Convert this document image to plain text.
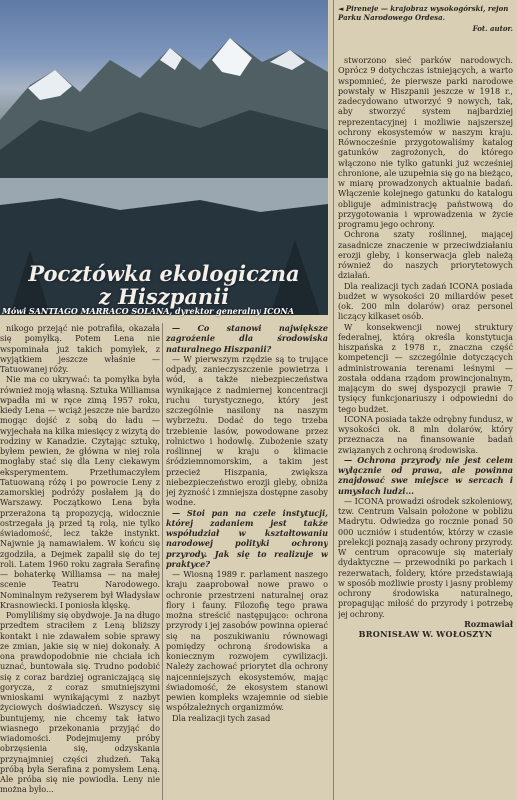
◄ Pireneje — krajobraz wysokogórski, rejon Parku Narodowego Ordesa.
Fot. autor.
Pocztówka ekologiczna
z Hiszpanii
Mówi SANTIAGO MARRACO SOLANA, dyrektor generalny ICONA

nikogo przejąć nie potrafiła, okazała się pomyłką. Potem Lena nie wspominała już takich pomyłek, z wyjątkiem jeszcze właśnie — Tatuowanej róży.

Nie ma co ukrywać: ta pomyłka była również moją własną. Sztuka Williamsa wpadła mi w ręce zimą 1957 roku, kiedy Lena — wciąż jeszcze nie bardzo mogąc dojść z sobą do ładu — wyjechała na kilka miesięcy z wizytą do rodziny w Kanadzie. Czytając sztukę, byłem pewien, że główna w niej rola mogłaby stać się dla Leny ciekawym eksperymentem. Przetłumaczyłem Tatuowaną różę i po powrocie Leny z zamorskiej podróży posłałem ją do Warszawy. Początkowo Lena była przerażona tą propozycją, widocznie ostrzegała ją przed tą rolą, nie tylko świadomość, lecz także instynkt. Najwnie ją namawiałem. W końcu się zgodziła, a Dejmek zapalił się do tej roli. Latem 1960 roku zagrała Serafinę — bohaterkę Williamsa — na małej scenie Teatru Narodowego. Nominalnym reżyserem był Władysław Krasnowiecki. I poniosła klęskę.

Pomyliliśmy się obydwoje. Ja na długo przedtem straciłem z Leną bliższy kontakt i nie zdawałem sobie sprawy ze zmian, jakie się w niej dokonały. A ona prawdopodobnie nie chciała ich uznać, buntowała się. Trudno podobić się z coraz bardziej ograniczającą się gorycza, z coraz smutniejszymi wnioskami wynikającymi z nazbyt życiowych doświadczeń. Wszyscy się buntujemy, nie chcemy tak łatwo wiasnego przekonania przyjąć do wiadomości. Podejmujemy próby obrzęsienia się, odzyskania przynajmniej części złudzeń. Taką próbą była Serafina z pomysłem Leną. Ale próba się nie powiodła. Leny nie można było...

— Co stanowi największe zagrożenie dla środowiska naturalnego Hiszpanii?

— W pierwszym rzędzie są to trujące odpady, zanieczyszczenie powietrza i wód, a także niebezpieczeństwa wynikające z nadmiernej koncentracji ruchu turystycznego, który jest szczególnie nasilony na naszym wybrzeżu. Dodać do tego trzeba trzebienie lasów, powodowane przez rolnictwo i hodowlę. Zubożenie szaty roślinnej w kraju o klimacie śródziemnomorskim, a takim jest przecież Hiszpania, zwiększa niebezpieczeństwo erozji gleby, obniża jej żyzność i zmniejsza dostępne zasoby wodne.

— Stoi pan na czele instytucji, której zadaniem jest także współudział w kształtowaniu narodowej polityki ochrony przyrody. Jak się to realizuje w praktyce?

— Wiosną 1989 r. parlament naszego kraju zaaprobował nowe prawo o ochronie przestrzeni naturalnej oraz flory i fauny. Filozofię tego prawa można streścić następująco: ochrona przyrody i jej zasobów powinna opierać się na poszukiwaniu równowagi pomiędzy ochroną środowiska a koniecznym rozwojem cywilizacji. Należy zachować priorytet dla ochrony najcenniejszych ekosystemów, mając świadomość, że ekosystem stanowi pewien kompleks wzajemnie od siebie współzależnych organizmów.

Dla realizacji tych zasad

stworzono sieć parków narodowych. Oprócz 9 dotychczas istniejących, a warto wspomnieć, że pierwsze parki narodowe powstały w Hiszpanii jeszcze w 1918 r., zadecydowano utworzyć 9 nowych, tak, aby stworzyć system najbardziej reprezentacyjnej i możliwie najszerszej ochrony ekosystemów w naszym kraju. Równocześnie przygotowaliśmy katalog gatunków zagrożonych, do którego włączono nie tylko gatunki już wcześniej chronione, ale uzupełnia się go na bieżąco, w miarę prowadzonych aktualnie badań. Włączenie kolejnego gatunku do katalogu obliguje administrację państwową do przygotowania i wprowadzenia w życie programu jego ochrony.

Ochrona szaty roślinnej, mającej zasadnicze znaczenie w przeciwdziałaniu erozji gleby, i konserwacja gleb należą również do naszych priorytetowych działań.

Dla realizacji tych zadań ICONA posiada budżet w wysokości 20 miliardów peset (ok. 200 mln dolarów) oraz personel liczący kilkaset osób.

W konsekwencji nowej struktury federalnej, którą określa konstytucja hiszpańska z 1978 r., znaczna część kompetencji — szczególnie dotyczących administrowania terenami leśnymi — została oddana rządom prowincjonalnym, mającym do swej dyspozycji prawie 7 tysięcy funkcjonariuszy i odpowiedni do tego budżet.

ICONA posiada także odrębny fundusz, w wysokości ok. 8 mln dolarów, który przeznacza na finansowanie badań związanych z ochroną środowiska.

— Ochrona przyrody nie jest celem wyłącznie od prawa, ale powinna znajdować swe miejsce w sercach i umysłach ludzi...

— ICONA prowadzi ośrodek szkoleniowy, tzw. Centrum Valsain położone w pobliżu Madrytu. Odwiedza go rocznie ponad 50 000 uczniów i studentów, którzy w czasie prelekcji poznają zasady ochrony przyrody. W centrum opracowuje się materiały dydaktyczne — przewodniki po parkach i rezerwatach, foldery, które przedstawiają w sposób możliwie prosty i jasny problemy ochrony środowiska naturalnego, propagując miłość do przyrody i potrzebę jej ochrony.

Rozmawiał
BRONISŁAW W. WOŁOSZYN
